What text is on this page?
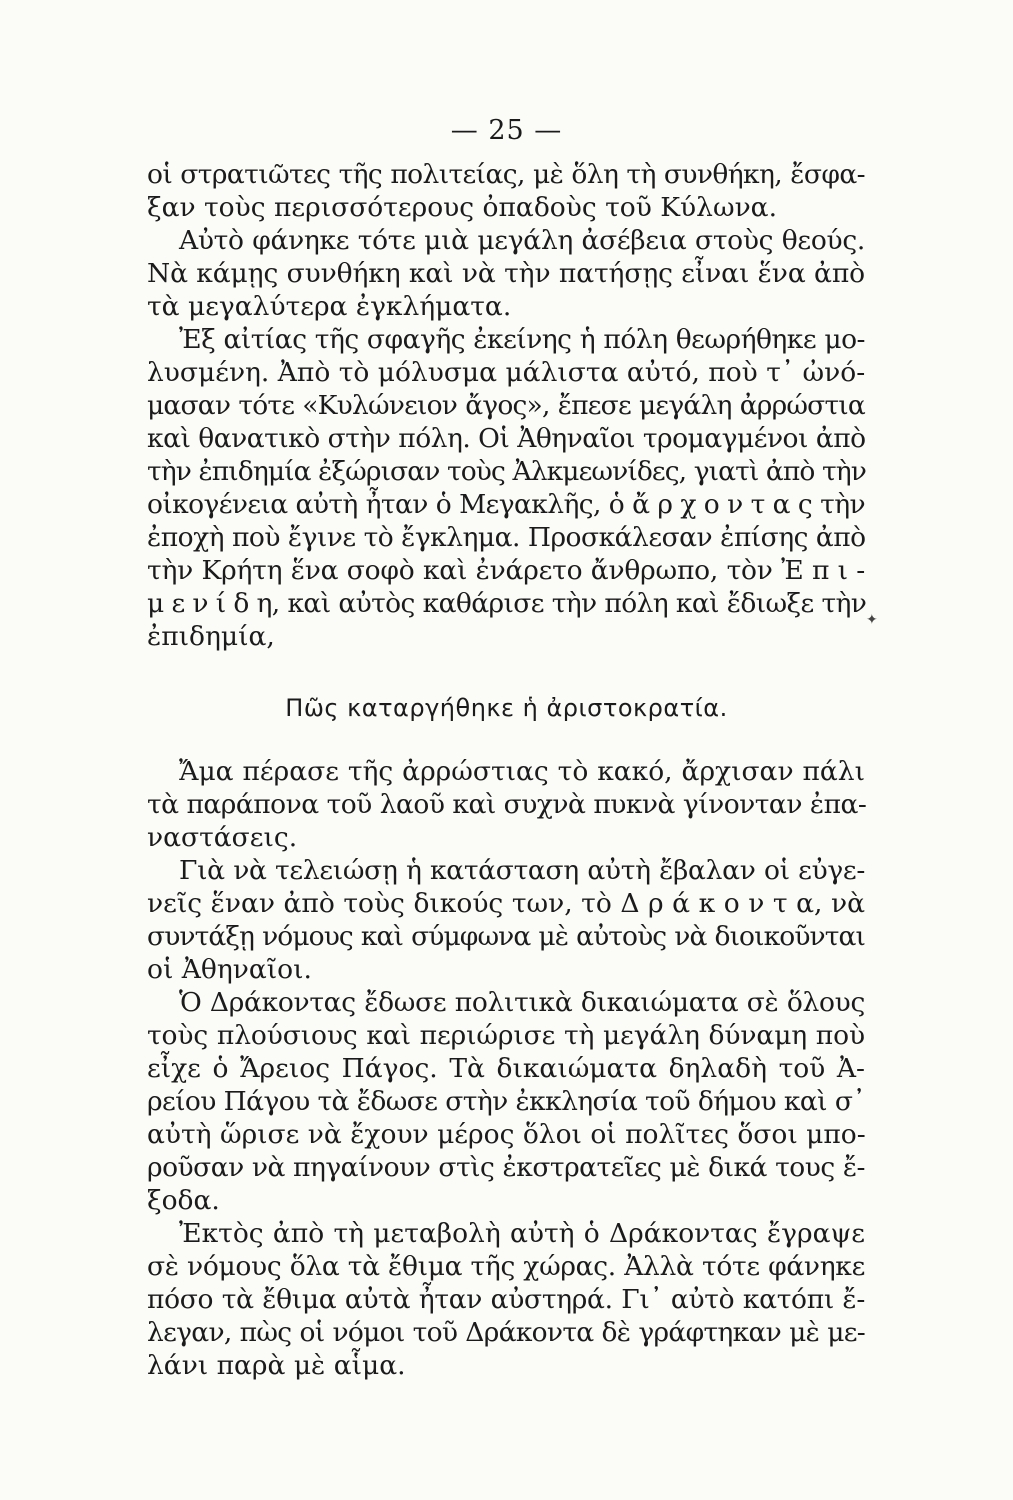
— 25 —
οἱ στρατιῶτες τῆς πολιτείας, μὲ ὅλη τὴ συνθήκη, ἔσφα-
ξαν τοὺς περισσότερους ὀπαδοὺς τοῦ Κύλωνα.
Αὐτὸ φάνηκε τότε μιὰ μεγάλη ἀσέβεια στοὺς θεούς.
Νὰ κάμῃς συνθήκη καὶ νὰ τὴν πατήσῃς εἶναι ἕνα ἀπὸ
τὰ μεγαλύτερα ἐγκλήματα.
Ἐξ αἰτίας τῆς σφαγῆς ἐκείνης ἡ πόλη θεωρήθηκε μο-
λυσμένη. Ἀπὸ τὸ μόλυσμα μάλιστα αὐτό, ποὺ τ᾽ ὠνό-
μασαν τότε «Κυλώνειον ἄγος», ἔπεσε μεγάλη ἀρρώστια
καὶ θανατικὸ στὴν πόλη. Οἱ Ἀθηναῖοι τρομαγμένοι ἀπὸ
τὴν ἐπιδημία ἐξώρισαν τοὺς Ἀλκμεωνίδες, γιατὶ ἀπὸ τὴν
οἰκογένεια αὐτὴ ἦταν ὁ Μεγακλῆς, ὁ ἄ ρ χ ο ν τ α ς τὴν
ἐποχὴ ποὺ ἔγινε τὸ ἔγκλημα. Προσκάλεσαν ἐπίσης ἀπὸ
τὴν Κρήτη ἕνα σοφὸ καὶ ἐνάρετο ἄνθρωπο, τὸν Ἐ π ι -
μ ε ν ί δ η, καὶ αὐτὸς καθάρισε τὴν πόλη καὶ ἔδιωξε τὴν
ἐπιδημία,
Πῶς καταργήθηκε ἡ ἀριστοκρατία.
Ἄμα πέρασε τῆς ἀρρώστιας τὸ κακό, ἄρχισαν πάλι
τὰ παράπονα τοῦ λαοῦ καὶ συχνὰ πυκνὰ γίνονταν ἐπα-
ναστάσεις.
Γιὰ νὰ τελειώσῃ ἡ κατάσταση αὐτὴ ἔβαλαν οἱ εὐγε-
νεῖς ἕναν ἀπὸ τοὺς δικούς των, τὸ Δ ρ ά κ ο ν τ α, νὰ
συντάξῃ νόμους καὶ σύμφωνα μὲ αὐτοὺς νὰ διοικοῦνται
οἱ Ἀθηναῖοι.
Ὁ Δράκοντας ἔδωσε πολιτικὰ δικαιώματα σὲ ὅλους
τοὺς πλούσιους καὶ περιώρισε τὴ μεγάλη δύναμη ποὺ
εἶχε ὁ Ἄρειος Πάγος. Τὰ δικαιώματα δηλαδὴ τοῦ Ἀ-
ρείου Πάγου τὰ ἔδωσε στὴν ἐκκλησία τοῦ δήμου καὶ σ᾽
αὐτὴ ὥρισε νὰ ἔχουν μέρος ὅλοι οἱ πολῖτες ὅσοι μπο-
ροῦσαν νὰ πηγαίνουν στὶς ἐκστρατεῖες μὲ δικά τους ἔ-
ξοδα.
Ἐκτὸς ἀπὸ τὴ μεταβολὴ αὐτὴ ὁ Δράκοντας ἔγραψε
σὲ νόμους ὅλα τὰ ἔθιμα τῆς χώρας. Ἀλλὰ τότε φάνηκε
πόσο τὰ ἔθιμα αὐτὰ ἦταν αὐστηρά. Γι᾽ αὐτὸ κατόπι ἔ-
λεγαν, πὼς οἱ νόμοι τοῦ Δράκοντα δὲ γράφτηκαν μὲ με-
λάνι παρὰ μὲ αἷμα.
✦
